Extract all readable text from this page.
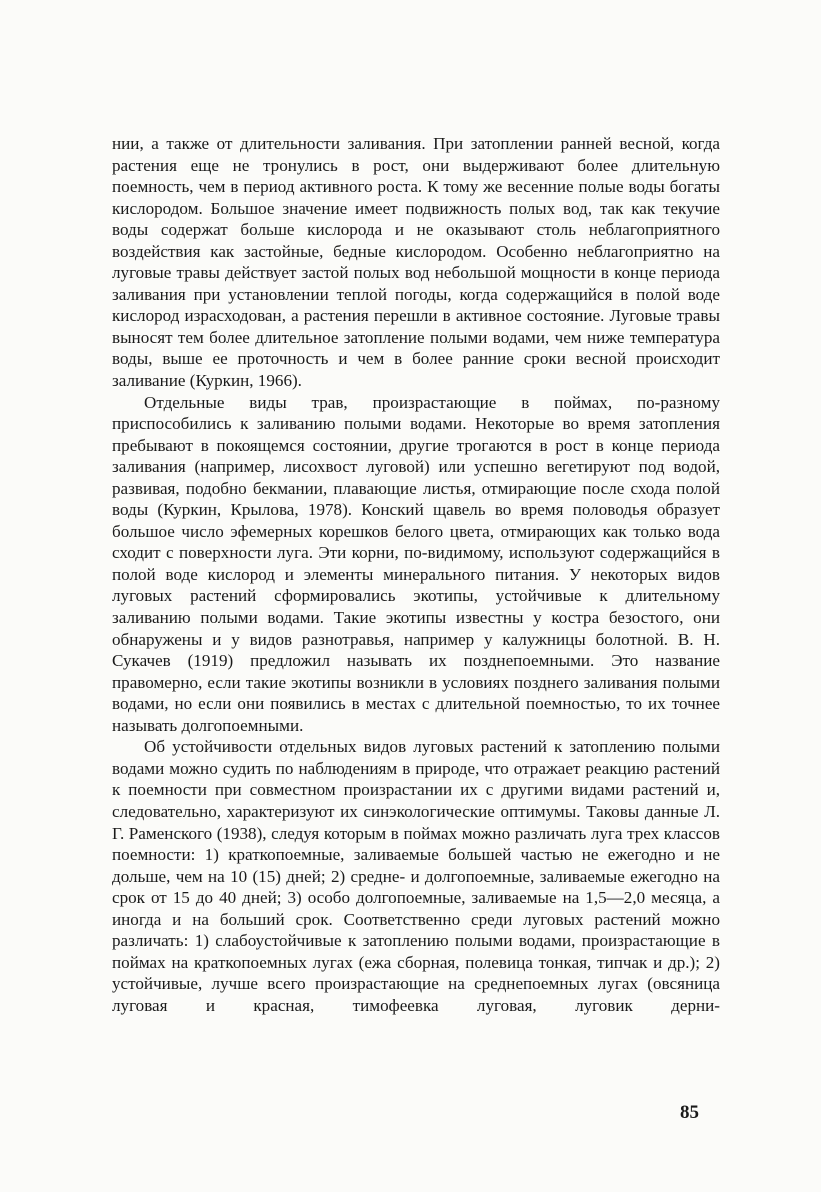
нии, а также от длительности заливания. При затоплении ранней весной, когда растения еще не тронулись в рост, они выдерживают более длительную поемность, чем в период активного роста. К тому же весенние полые воды богаты кислородом. Большое значение имеет подвижность полых вод, так как текучие воды содержат больше кислорода и не оказывают столь неблагоприятного воздействия как застойные, бедные кислородом. Особенно неблагоприятно на луговые травы действует застой полых вод небольшой мощности в конце периода заливания при установлении теплой погоды, когда содержащийся в полой воде кислород израсходован, а растения перешли в активное состояние. Луговые травы выносят тем более длительное затопление полыми водами, чем ниже температура воды, выше ее проточность и чем в более ранние сроки весной происходит заливание (Куркин, 1966).

Отдельные виды трав, произрастающие в поймах, по-разному приспособились к заливанию полыми водами. Некоторые во время затопления пребывают в покоящемся состоянии, другие трогаются в рост в конце периода заливания (например, лисохвост луговой) или успешно вегетируют под водой, развивая, подобно бекмании, плавающие листья, отмирающие после схода полой воды (Куркин, Крылова, 1978). Конский щавель во время половодья образует большое число эфемерных корешков белого цвета, отмирающих как только вода сходит с поверхности луга. Эти корни, по-видимому, используют содержащийся в полой воде кислород и элементы минерального питания. У некоторых видов луговых растений сформировались экотипы, устойчивые к длительному заливанию полыми водами. Такие экотипы известны у костра безостого, они обнаружены и у видов разнотравья, например у калужницы болотной. В. Н. Сукачев (1919) предложил называть их позднепоемными. Это название правомерно, если такие экотипы возникли в условиях позднего заливания полыми водами, но если они появились в местах с длительной поемностью, то их точнее называть долгопоемными.

Об устойчивости отдельных видов луговых растений к затоплению полыми водами можно судить по наблюдениям в природе, что отражает реакцию растений к поемности при совместном произрастании их с другими видами растений и, следовательно, характеризуют их синэкологические оптимумы. Таковы данные Л. Г. Раменского (1938), следуя которым в поймах можно различать луга трех классов поемности: 1) краткопоемные, заливаемые большей частью не ежегодно и не дольше, чем на 10 (15) дней; 2) средне- и долгопоемные, заливаемые ежегодно на срок от 15 до 40 дней; 3) особо долгопоемные, заливаемые на 1,5—2,0 месяца, а иногда и на больший срок. Соответственно среди луговых растений можно различать: 1) слабоустойчивые к затоплению полыми водами, произрастающие в поймах на краткопоемных лугах (ежа сборная, полевица тонкая, типчак и др.); 2) устойчивые, лучше всего произрастающие на среднепоемных лугах (овсяница луговая и красная, тимофеевка луговая, луговик дерни-

85
